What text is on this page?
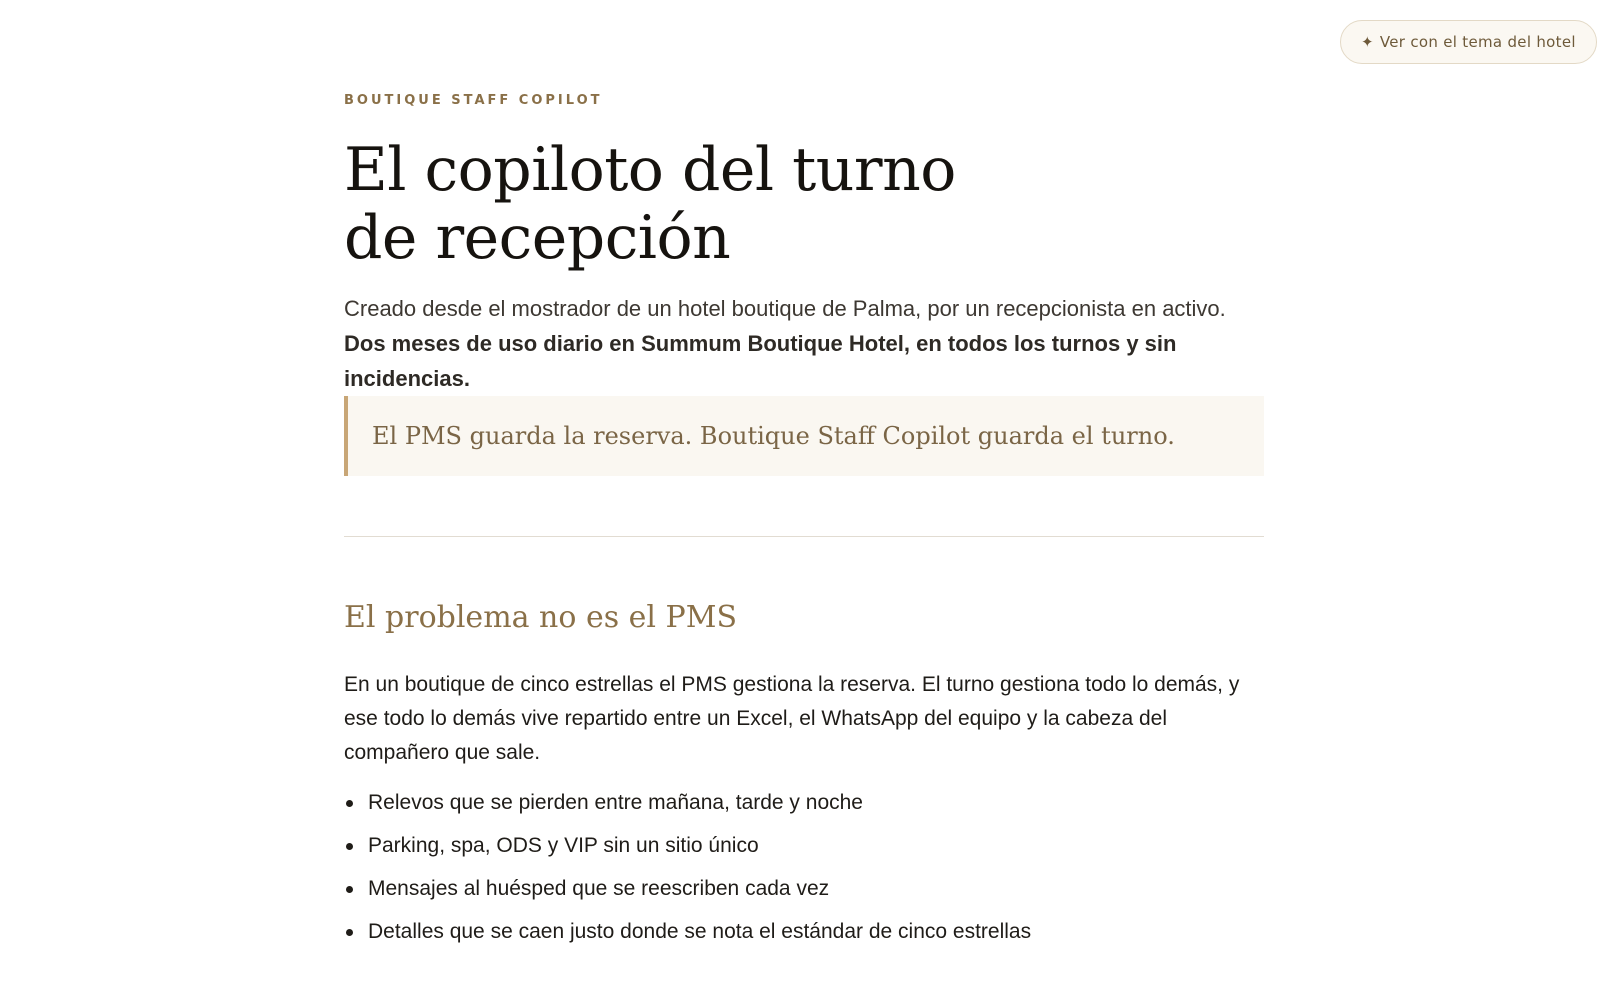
✦ Ver con el tema del hotel
BOUTIQUE STAFF COPILOT
El copiloto del turno
de recepción

Creado desde el mostrador de un hotel boutique de Palma, por un recepcionista en activo. Dos meses de uso diario en Summum Boutique Hotel, en todos los turnos y sin incidencias.

El PMS guarda la reserva. Boutique Staff Copilot guarda el turno.

El problema no es el PMS

En un boutique de cinco estrellas el PMS gestiona la reserva. El turno gestiona todo lo demás, y ese todo lo demás vive repartido entre un Excel, el WhatsApp del equipo y la cabeza del compañero que sale.

Relevos que se pierden entre mañana, tarde y noche
Parking, spa, ODS y VIP sin un sitio único
Mensajes al huésped que se reescriben cada vez
Detalles que se caen justo donde se nota el estándar de cinco estrellas
